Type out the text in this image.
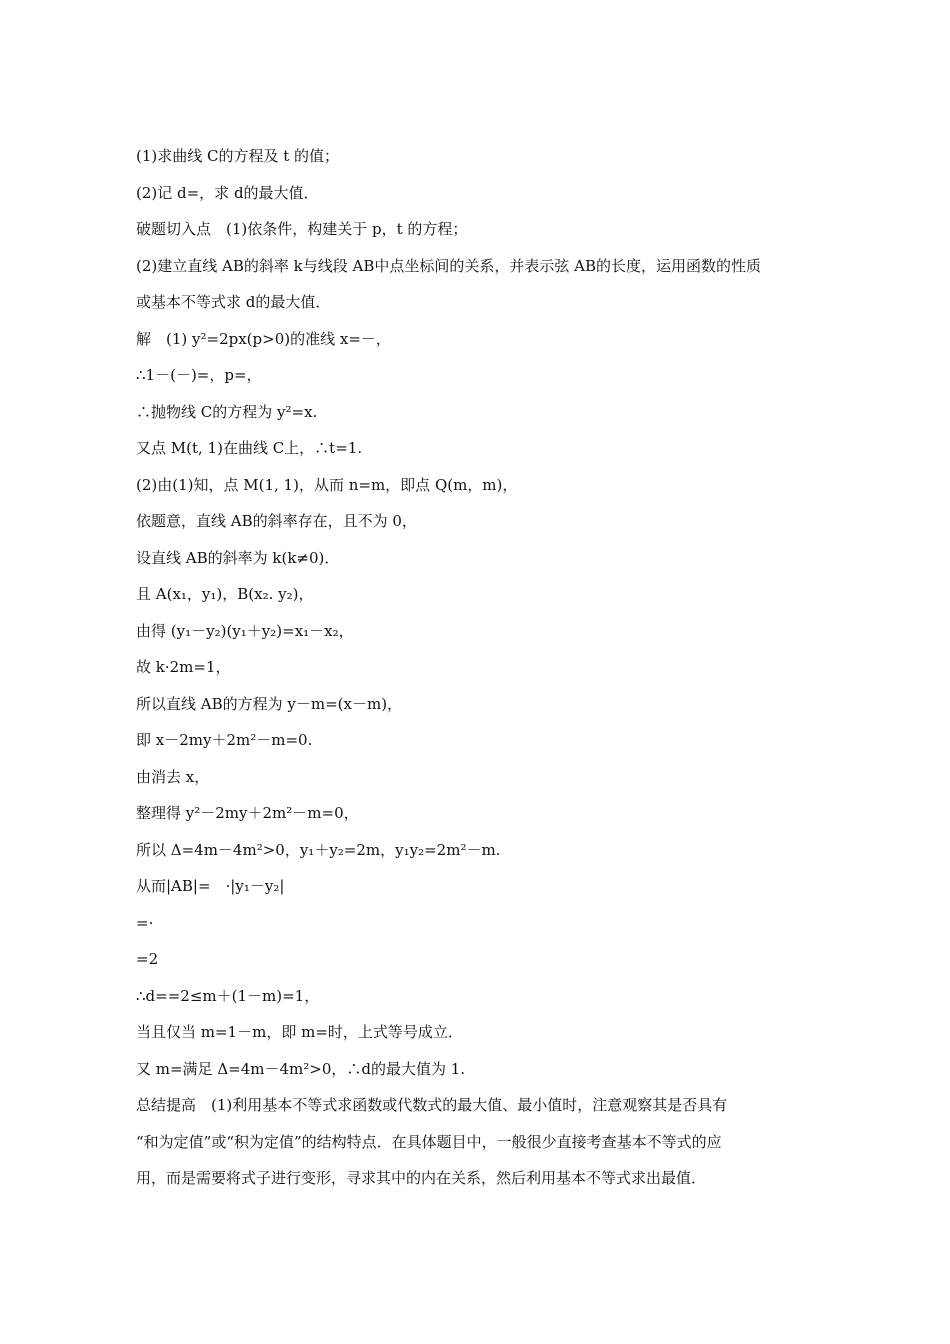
(1)求曲线 C的方程及 t 的值；
(2)记 d=，求 d的最大值．
破题切入点　(1)依条件，构建关于 p，t 的方程；
(2)建立直线 AB的斜率 k与线段 AB中点坐标间的关系，并表示弦 AB的长度，运用函数的性质
或基本不等式求 d的最大值．
解　(1) y²=2px(p>0)的准线 x=－，
∴1－(－)=，p=，
∴抛物线 C的方程为 y²=x.
又点 M(t, 1)在曲线 C上，∴t=1.
(2)由(1)知，点 M(1, 1)，从而 n=m，即点 Q(m，m)，
依题意，直线 AB的斜率存在，且不为 0，
设直线 AB的斜率为 k(k≠0)．
且 A(x₁，y₁)，B(x₂. y₂)，
由得 (y₁－y₂)(y₁＋y₂)=x₁－x₂，
故 k·2m=1，
所以直线 AB的方程为 y－m=(x－m)，
即 x－2my＋2m²－m=0.
由消去 x，
整理得 y²－2my＋2m²－m=0，
所以 Δ=4m－4m²>0，y₁＋y₂=2m，y₁y₂=2m²－m.
从而|AB|=　·|y₁－y₂|
=·
=2
∴d==2≤m＋(1－m)=1，
当且仅当 m=1－m，即 m=时，上式等号成立．
又 m=满足 Δ=4m－4m²>0，∴d的最大值为 1.
总结提高　(1)利用基本不等式求函数或代数式的最大值、最小值时，注意观察其是否具有
“和为定值”或“积为定值”的结构特点．在具体题目中，一般很少直接考查基本不等式的应
用，而是需要将式子进行变形，寻求其中的内在关系，然后利用基本不等式求出最值．
